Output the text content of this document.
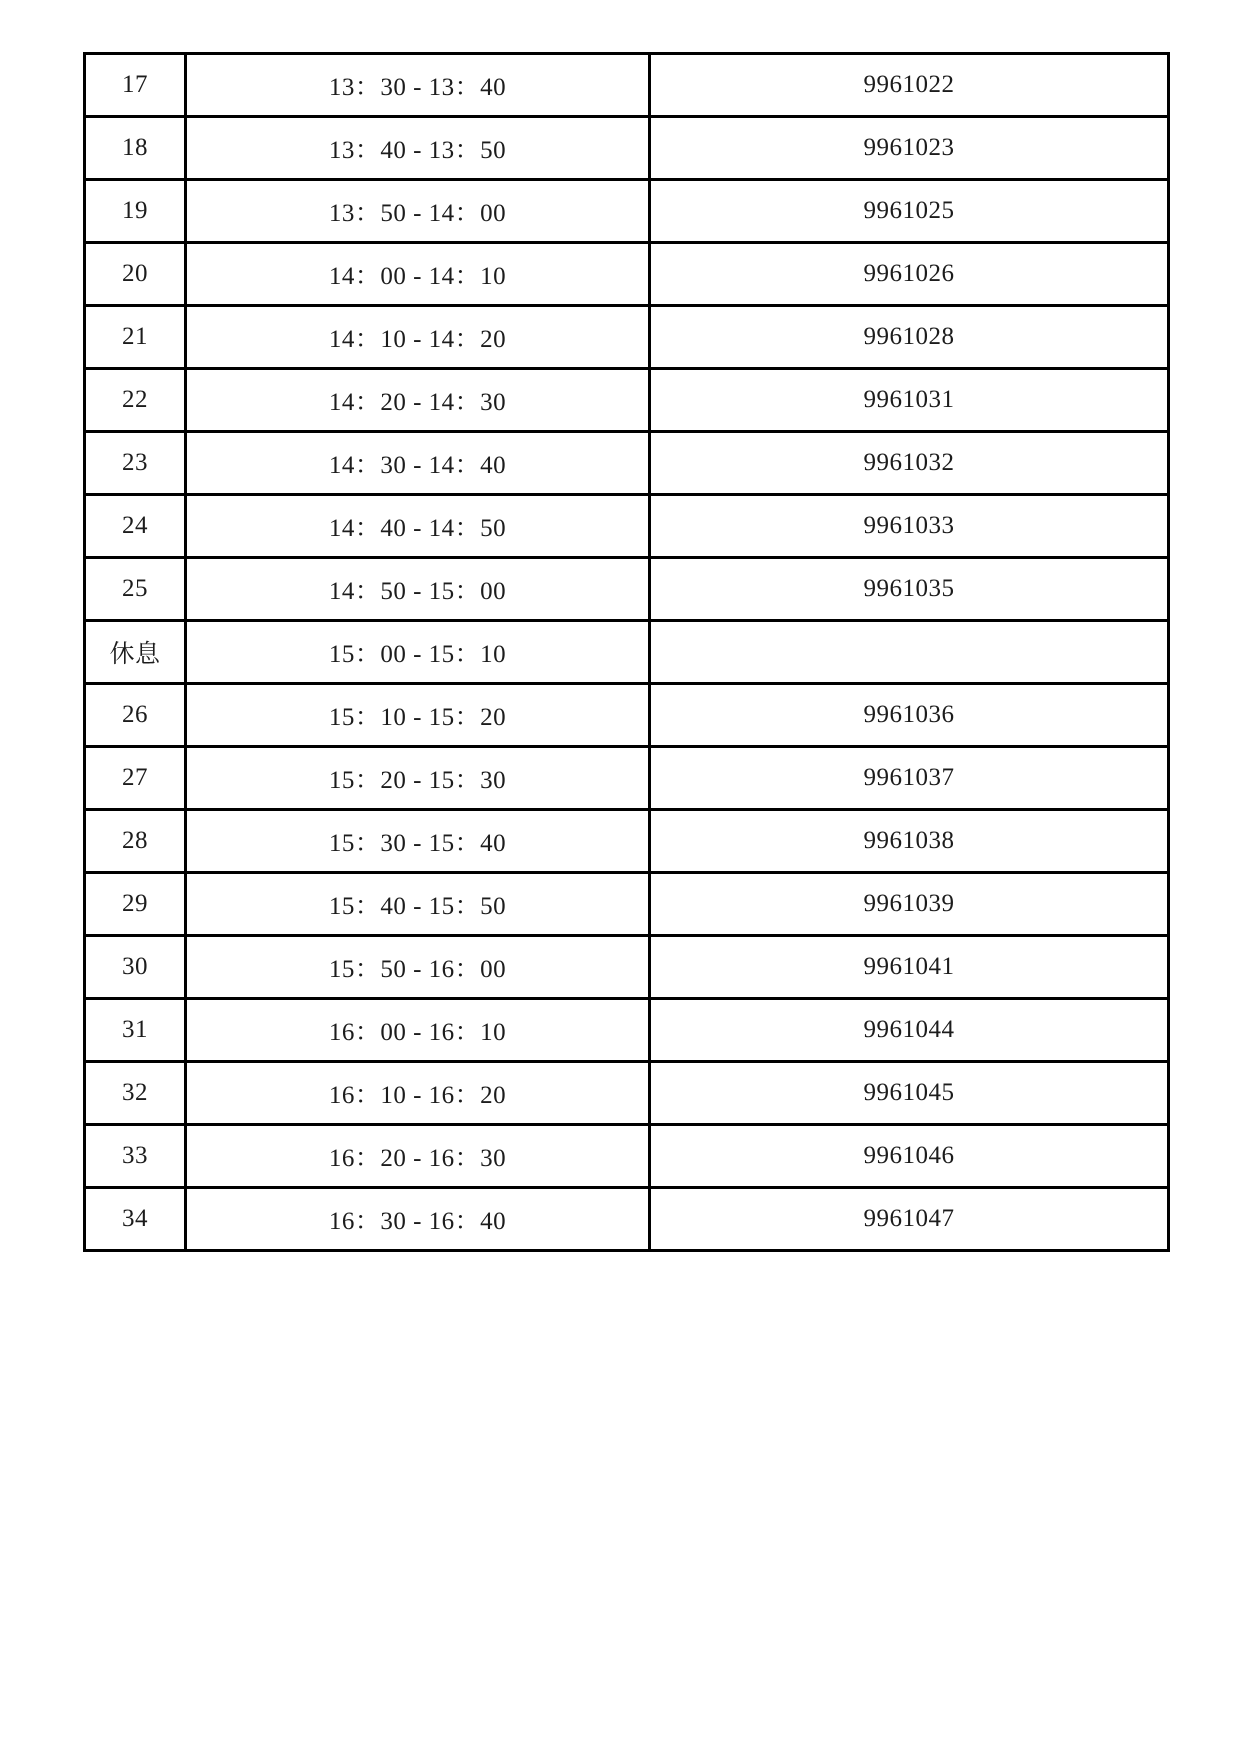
17	13：30 - 13：40	9961022
18	13：40 - 13：50	9961023
19	13：50 - 14：00	9961025
20	14：00 - 14：10	9961026
21	14：10 - 14：20	9961028
22	14：20 - 14：30	9961031
23	14：30 - 14：40	9961032
24	14：40 - 14：50	9961033
25	14：50 - 15：00	9961035
休息	15：00 - 15：10	
26	15：10 - 15：20	9961036
27	15：20 - 15：30	9961037
28	15：30 - 15：40	9961038
29	15：40 - 15：50	9961039
30	15：50 - 16：00	9961041
31	16：00 - 16：10	9961044
32	16：10 - 16：20	9961045
33	16：20 - 16：30	9961046
34	16：30 - 16：40	9961047
